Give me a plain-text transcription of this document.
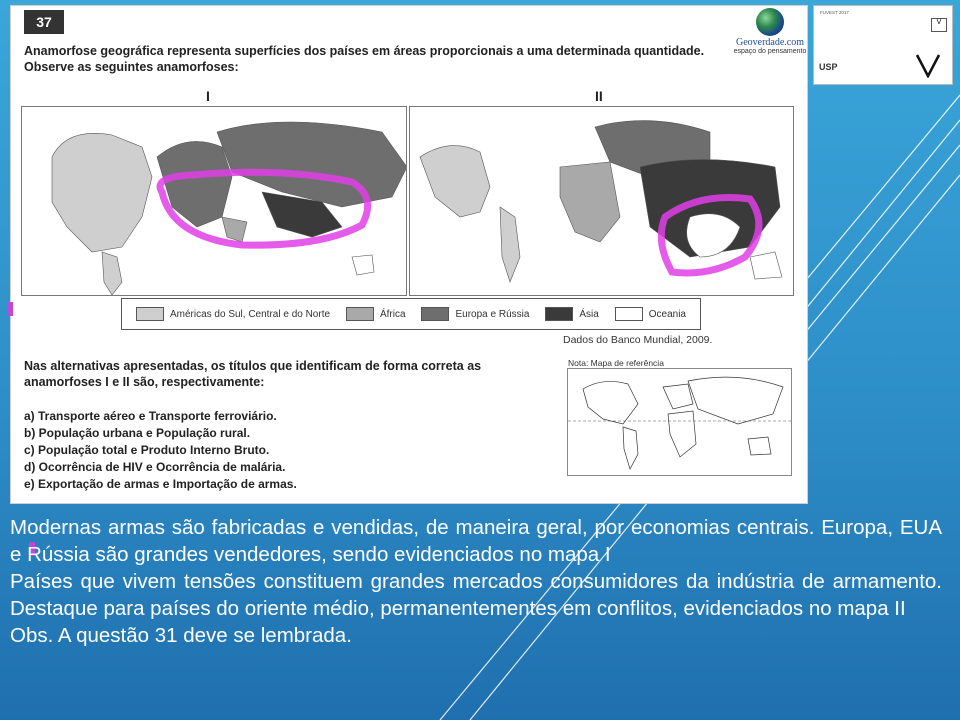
37
Anamorfose geográfica representa superfícies dos países em áreas proporcionais a uma determinada quantidade.
Observe as seguintes anamorfoses:
I	II
Américas do Sul, Central e do Norte	África	Europa e Rússia	Ásia	Oceania
Dados do Banco Mundial, 2009.
Nas alternativas apresentadas, os títulos que identificam de forma correta as
anamorfoses I e II são, respectivamente:
a) Transporte aéreo e Transporte ferroviário.
b) População urbana e População rural.
c) População total e Produto Interno Bruto.
d) Ocorrência de HIV e Ocorrência de malária.
e) Exportação de armas e Importação de armas.
Nota: Mapa de referência
Geoverdade.com
espaço do pensamento
FUVEST 2017
V
USP

Modernas armas são fabricadas e vendidas, de maneira geral, por economias centrais. Europa, EUA e Rússia são grandes vendedores, sendo evidenciados no mapa I

Países que vivem tensões constituem grandes mercados consumidores da indústria de armamento. Destaque para países do oriente médio, permanentementes em conflitos, evidenciados no mapa II

Obs. A questão 31 deve se lembrada.
